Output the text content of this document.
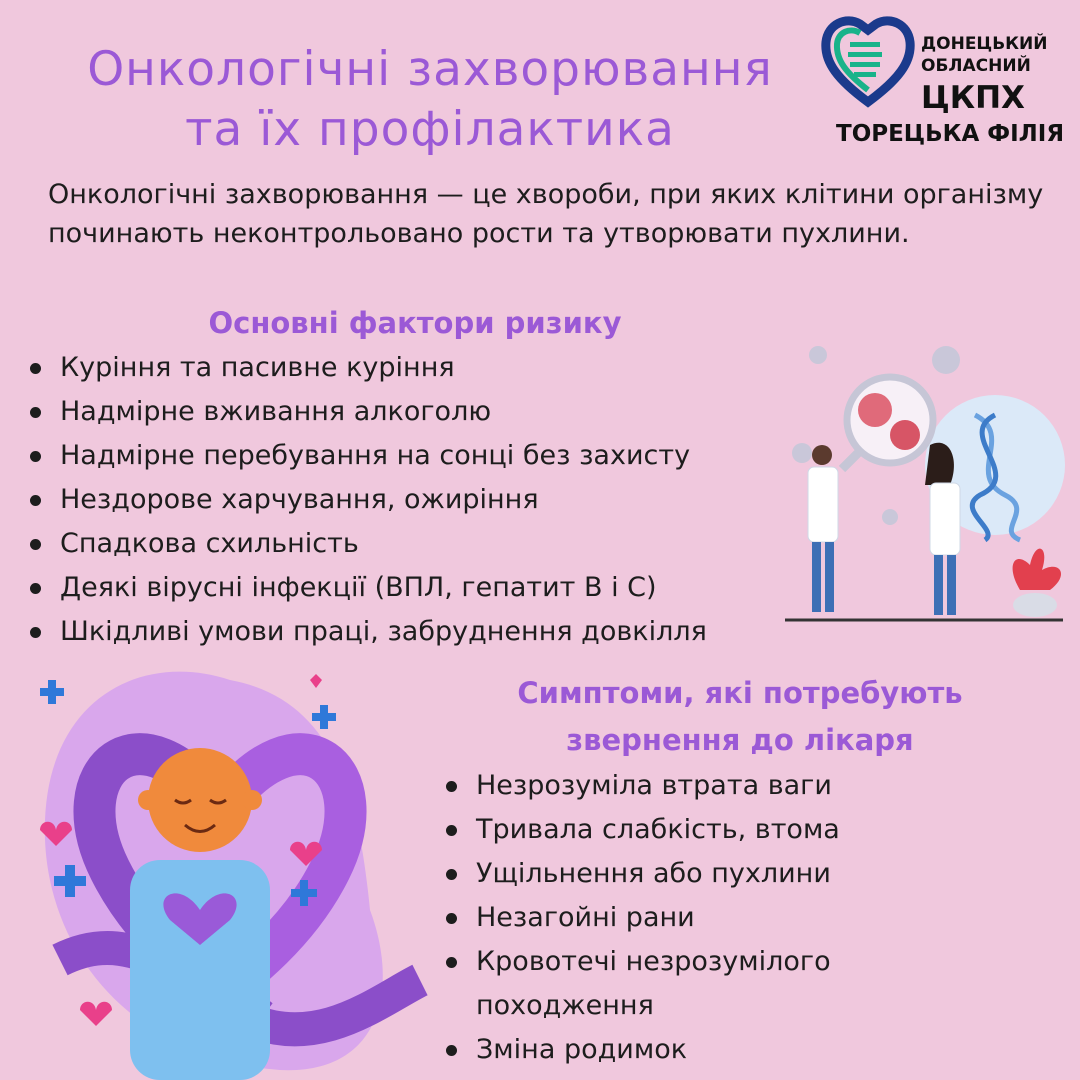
Онкологічні захворювання
та їх профілактика
ДОНЕЦЬКИЙ
ОБЛАСНИЙ
ЦКПХ
ТОРЕЦЬКА ФІЛІЯ
Онкологічні захворювання — це хвороби, при яких клітини організму починають неконтрольовано рости та утворювати пухлини.
Основні фактори ризику
Куріння та пасивне куріння
Надмірне вживання алкоголю
Надмірне перебування на сонці без захисту
Нездорове харчування, ожиріння
Спадкова схильність
Деякі вірусні інфекції (ВПЛ, гепатит В і С)
Шкідливі умови праці, забруднення довкілля
Симптоми, які потребують
звернення до лікаря
Незрозуміла втрата ваги
Тривала слабкість, втома
Ущільнення або пухлини
Незагойні рани
Кровотечі незрозумілого походження
Зміна родимок
